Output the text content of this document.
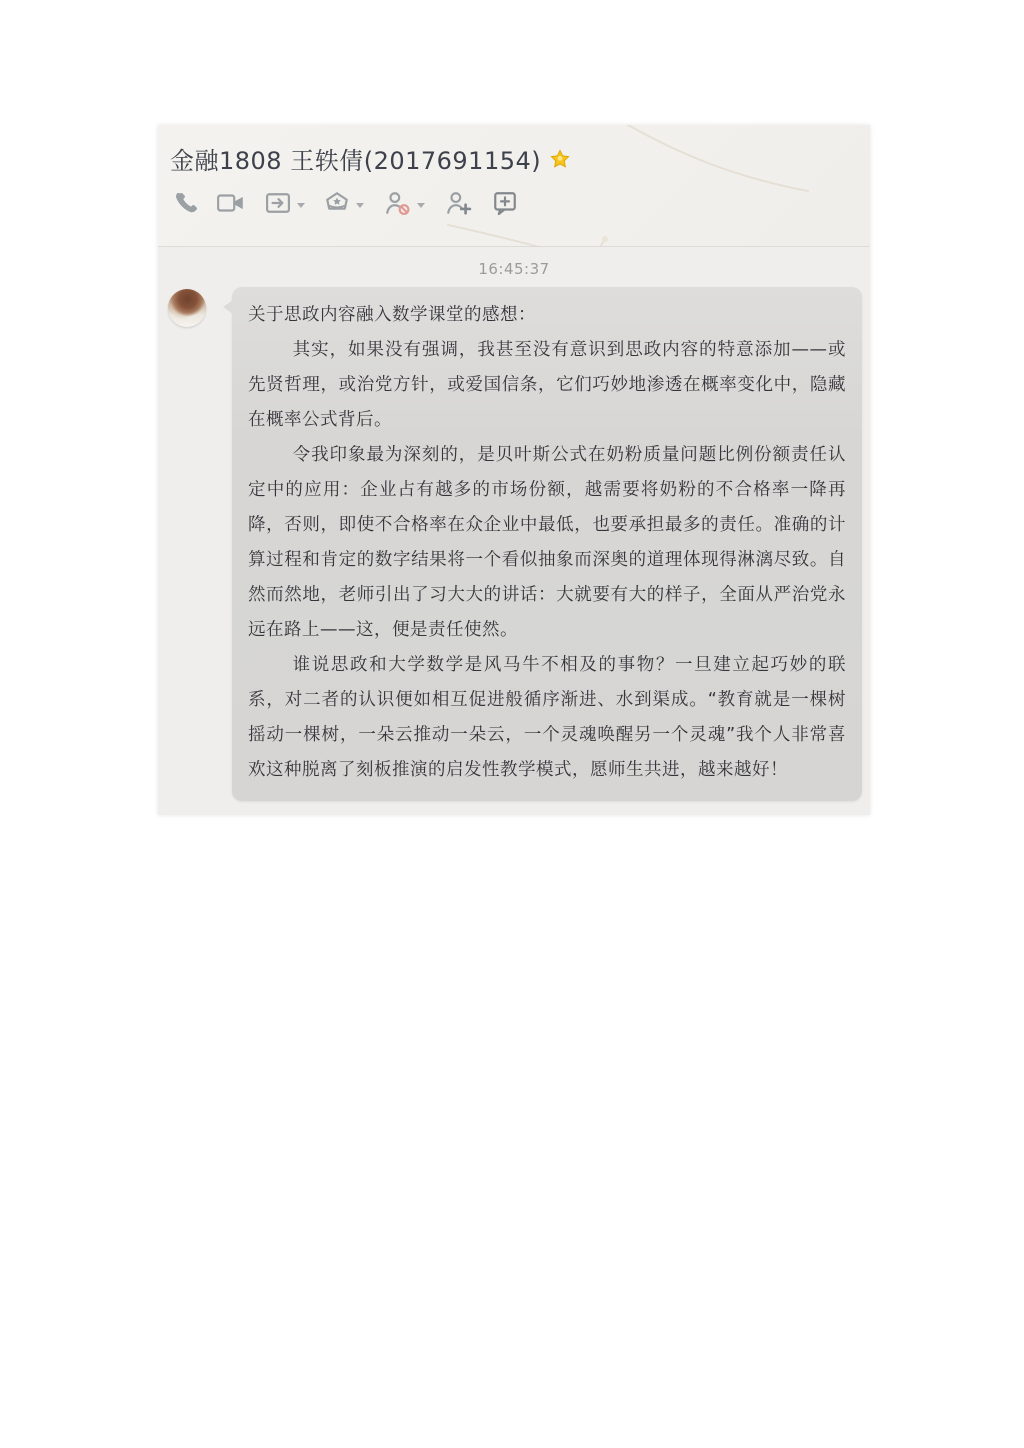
金融1808 王轶倩(2017691154)
16:45:37

关于思政内容融入数学课堂的感想：

其实，如果没有强调，我甚至没有意识到思政内容的特意添加——或先贤哲理，或治党方针，或爱国信条，它们巧妙地渗透在概率变化中，隐藏在概率公式背后。

令我印象最为深刻的，是贝叶斯公式在奶粉质量问题比例份额责任认定中的应用：企业占有越多的市场份额，越需要将奶粉的不合格率一降再降，否则，即使不合格率在众企业中最低，也要承担最多的责任。准确的计算过程和肯定的数字结果将一个看似抽象而深奥的道理体现得淋漓尽致。自然而然地，老师引出了习大大的讲话：大就要有大的样子，全面从严治党永远在路上——这，便是责任使然。

谁说思政和大学数学是风马牛不相及的事物？一旦建立起巧妙的联系，对二者的认识便如相互促进般循序渐进、水到渠成。“教育就是一棵树摇动一棵树，一朵云推动一朵云，一个灵魂唤醒另一个灵魂”我个人非常喜欢这种脱离了刻板推演的启发性教学模式，愿师生共进，越来越好！
